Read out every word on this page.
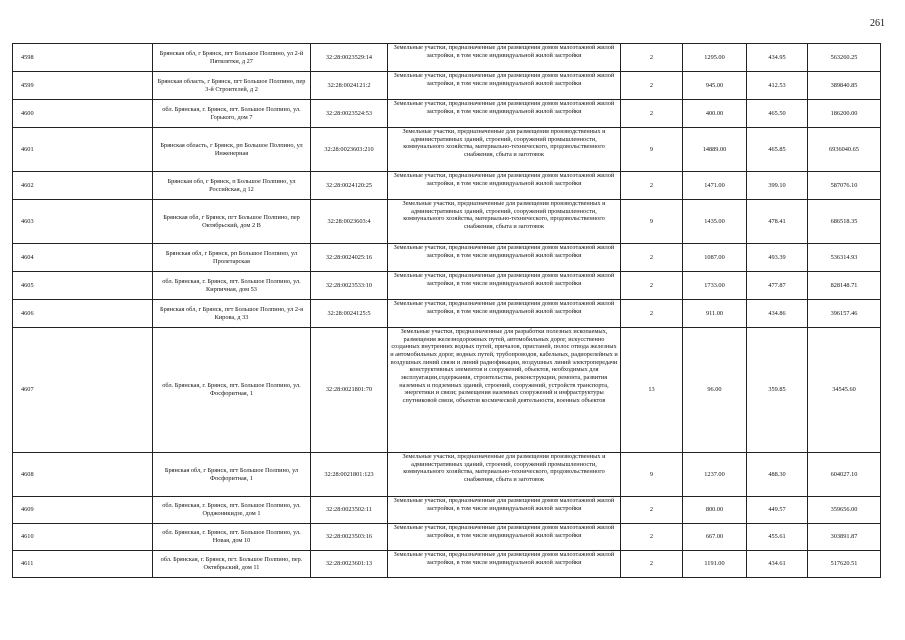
261
4598	Брянская обл, г Брянск, пгт Большое Полпино, ул 2-й Пятилетки, д 27	32:28:0023529:14	Земельные участки, предназначенные для размещения домов малоэтажной жилой застройки, в том числе индивидуальной жилой застройки	2	1295.00	434.95	563260.25
4599	Брянская область, г Брянск, пгт Большое Полпино, пер 3-й Строителей, д 2	32:28:0024121:2	Земельные участки, предназначенные для размещения домов малоэтажной жилой застройки, в том числе индивидуальной жилой застройки	2	945.00	412.53	389840.85
4600	обл. Брянская, г. Брянск, пгт. Большое Полпино, ул. Горького, дом 7	32:28:0023524:53	Земельные участки, предназначенные для размещения домов малоэтажной жилой застройки, в том числе индивидуальной жилой застройки	2	400.00	465.50	186200.00
4601	Брянская область, г Брянск, рп Большое Полпино, ул Инженерная	32:28:0023603:210	Земельные участки, предназначенные для размещения производственных и административных зданий, строений, сооружений промышленности, коммунального хозяйства, материально-технического, продовольственного снабжения, сбыта и заготовок	9	14889.00	465.85	6936040.65
4602	Брянская обл, г Брянск, п Большое Полпино, ул Российская, д 12	32:28:0024120:25	Земельные участки, предназначенные для размещения домов малоэтажной жилой застройки, в том числе индивидуальной жилой застройки	2	1471.00	399.10	587076.10
4603	Брянская обл, г Брянск, пгт Большое Полпино, пер Октябрьский, дом 2 В	32:28:0023603:4	Земельные участки, предназначенные для размещения производственных и административных зданий, строений, сооружений промышленности, коммунального хозяйства, материально-технического, продовольственного снабжения, сбыта и заготовок	9	1435.00	478.41	686518.35
4604	Брянская обл, г Брянск, рп Большое Полпино, ул Пролетарская	32:28:0024025:16	Земельные участки, предназначенные для размещения домов малоэтажной жилой застройки, в том числе индивидуальной жилой застройки	2	1087.00	493.39	536314.93
4605	обл. Брянская, г. Брянск, пгт. Большое Полпино, ул. Кирпичная, дом 53	32:28:0023533:10	Земельные участки, предназначенные для размещения домов малоэтажной жилой застройки, в том числе индивидуальной жилой застройки	2	1733.00	477.87	828148.71
4606	Брянская обл, г Брянск, пгт Большое Полпино, ул 2-я Кирова, д 33	32:28:0024125:5	Земельные участки, предназначенные для размещения домов малоэтажной жилой застройки, в том числе индивидуальной жилой застройки	2	911.00	434.86	396157.46
4607	обл. Брянская, г. Брянск, пгт. Большое Полпино, ул. Фосфоритная, 1	32:28:0021801:70	Земельные участки, предназначенные для разработки полезных ископаемых, размещения железнодорожных путей, автомобильных дорог, искусственно созданных внутренних водных путей, причалов, пристаней, полос отвода железных и автомобильных дорог, водных путей, трубопроводов, кабельных, радиорелейных и воздушных линий связи и линий радиофикации, воздушных линий электропередачи конструктивных элементов и сооружений, объектов, необходимых для эксплуатации,содержания, строительства, реконструкции, ремонта, развития наземных и подземных зданий, строений, сооружений, устройств транспорта, энергетики и связи; размещения наземных сооружений и инфраструктуры спутниковой связи, объектов космической деятельности, военных объектов	13	96.00	359.85	34545.60
4608	Брянская обл, г Брянск, пгт Большое Полпино, ул Фосфоритная, 1	32:28:0021801:123	Земельные участки, предназначенные для размещения производственных и административных зданий, строений, сооружений промышленности, коммунального хозяйства, материально-технического, продовольственного снабжения, сбыта и заготовок	9	1237.00	488.30	604027.10
4609	обл. Брянская, г. Брянск, пгт. Большое Полпино, ул. Орджоникидзе, дом 1	32:28:0023502:11	Земельные участки, предназначенные для размещения домов малоэтажной жилой застройки, в том числе индивидуальной жилой застройки	2	800.00	449.57	359656.00
4610	обл. Брянская, г. Брянск, пгт. Большое Полпино, ул. Новая, дом 10	32:28:0023503:16	Земельные участки, предназначенные для размещения домов малоэтажной жилой застройки, в том числе индивидуальной жилой застройки	2	667.00	455.61	303891.87
4611	обл. Брянская, г. Брянск, пгт. Большое Полпино, пер. Октябрьский, дом 11	32:28:0023601:13	Земельные участки, предназначенные для размещения домов малоэтажной жилой застройки, в том числе индивидуальной жилой застройки	2	1191.00	434.61	517620.51
